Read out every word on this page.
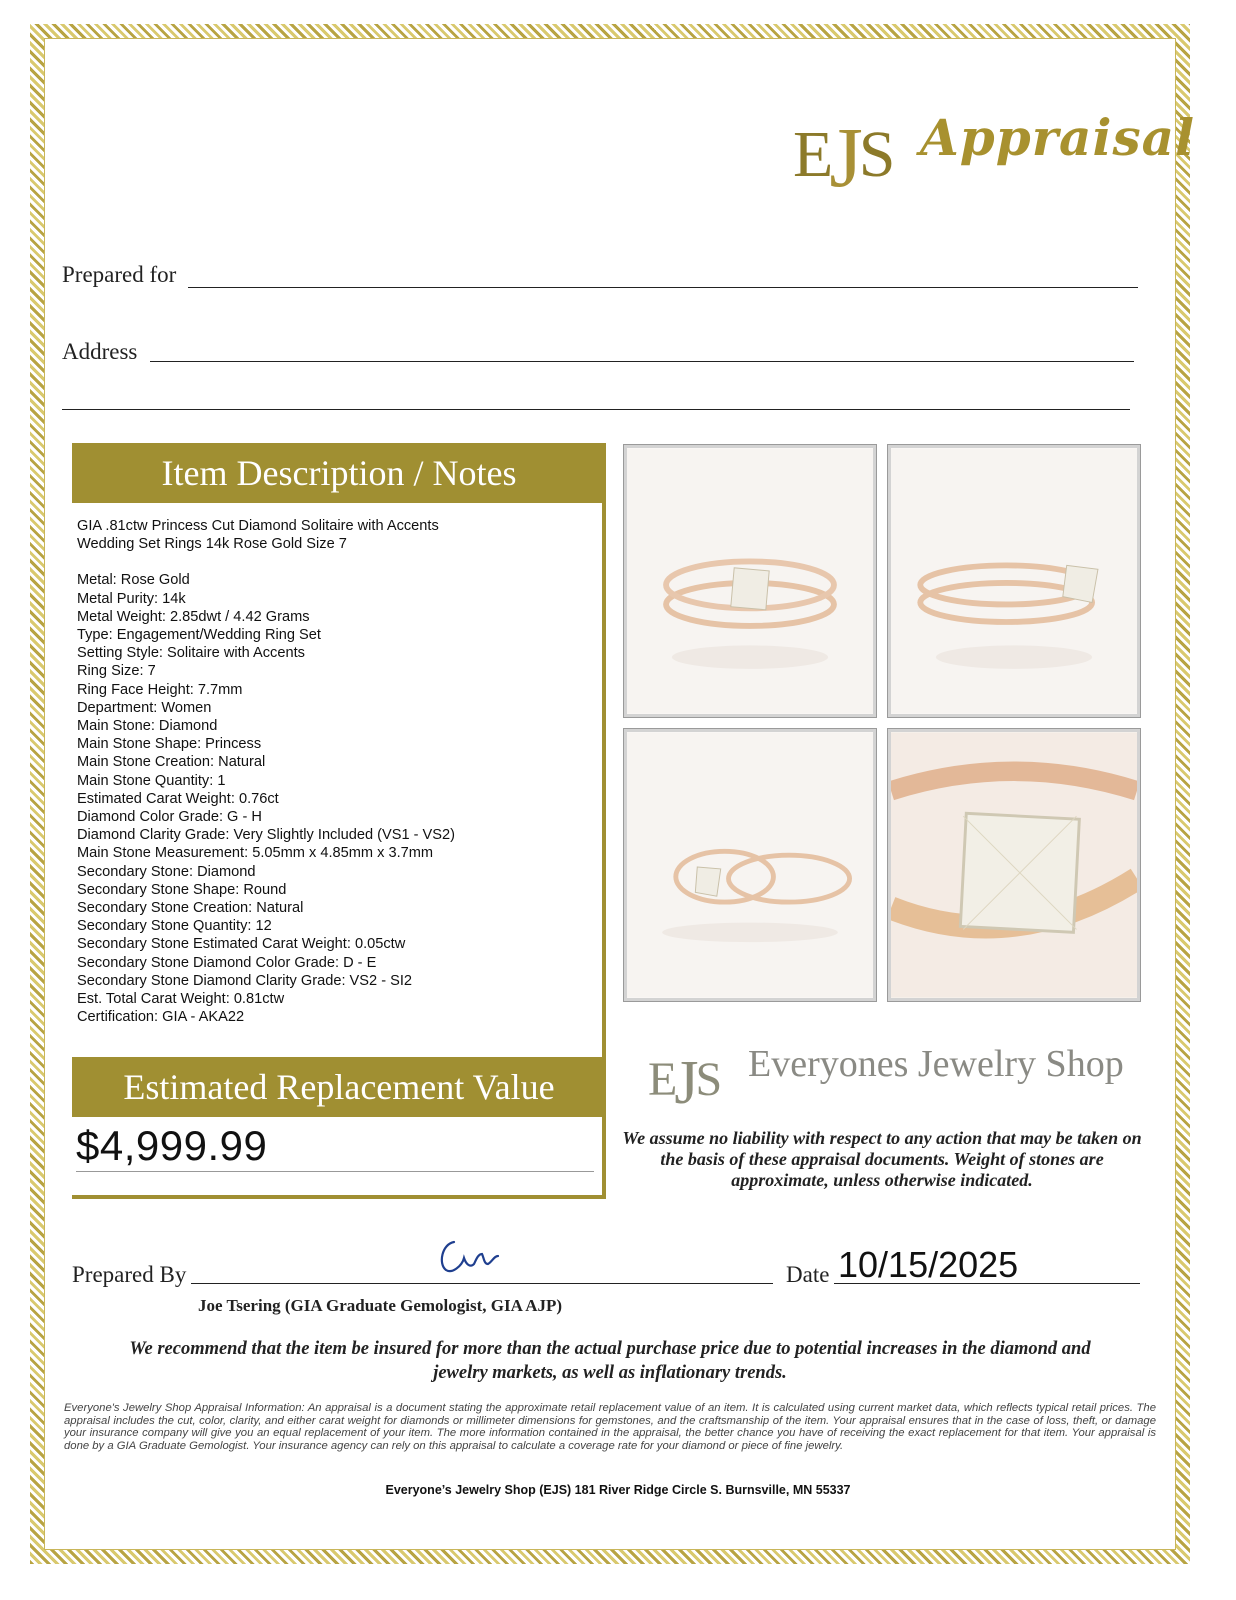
EJS Appraisal
Prepared for
Address
Item Description / Notes
GIA .81ctw Princess Cut Diamond Solitaire with Accents
Wedding Set Rings 14k Rose Gold Size 7
Metal: Rose Gold
Metal Purity: 14k
Metal Weight: 2.85dwt / 4.42 Grams
Type: Engagement/Wedding Ring Set
Setting Style: Solitaire with Accents
Ring Size: 7
Ring Face Height: 7.7mm
Department: Women
Main Stone: Diamond
Main Stone Shape: Princess
Main Stone Creation: Natural
Main Stone Quantity: 1
Estimated Carat Weight: 0.76ct
Diamond Color Grade: G - H
Diamond Clarity Grade: Very Slightly Included (VS1 - VS2)
Main Stone Measurement: 5.05mm x 4.85mm x 3.7mm
Secondary Stone: Diamond
Secondary Stone Shape: Round
Secondary Stone Creation: Natural
Secondary Stone Quantity: 12
Secondary Stone Estimated Carat Weight: 0.05ctw
Secondary Stone Diamond Color Grade: D - E
Secondary Stone Diamond Clarity Grade: VS2 - SI2
Est. Total Carat Weight: 0.81ctw
Certification: GIA - AKA22
Estimated Replacement Value
$4,999.99
EJS Everyones Jewelry Shop
We assume no liability with respect to any action that may be taken on the basis of these appraisal documents. Weight of stones are approximate, unless otherwise indicated.
Prepared By	Date 10/15/2025
Joe Tsering (GIA Graduate Gemologist, GIA AJP)
We recommend that the item be insured for more than the actual purchase price due to potential increases in the diamond and jewelry markets, as well as inflationary trends.
Everyone's Jewelry Shop Appraisal Information: An appraisal is a document stating the approximate retail replacement value of an item. It is calculated using current market data, which reflects typical retail prices. The appraisal includes the cut, color, clarity, and either carat weight for diamonds or millimeter dimensions for gemstones, and the craftsmanship of the item. Your appraisal ensures that in the case of loss, theft, or damage your insurance company will give you an equal replacement of your item. The more information contained in the appraisal, the better chance you have of receiving the exact replacement for that item. Your appraisal is done by a GIA Graduate Gemologist. Your insurance agency can rely on this appraisal to calculate a coverage rate for your diamond or piece of fine jewelry.
Everyone’s Jewelry Shop (EJS) 181 River Ridge Circle S. Burnsville, MN 55337
